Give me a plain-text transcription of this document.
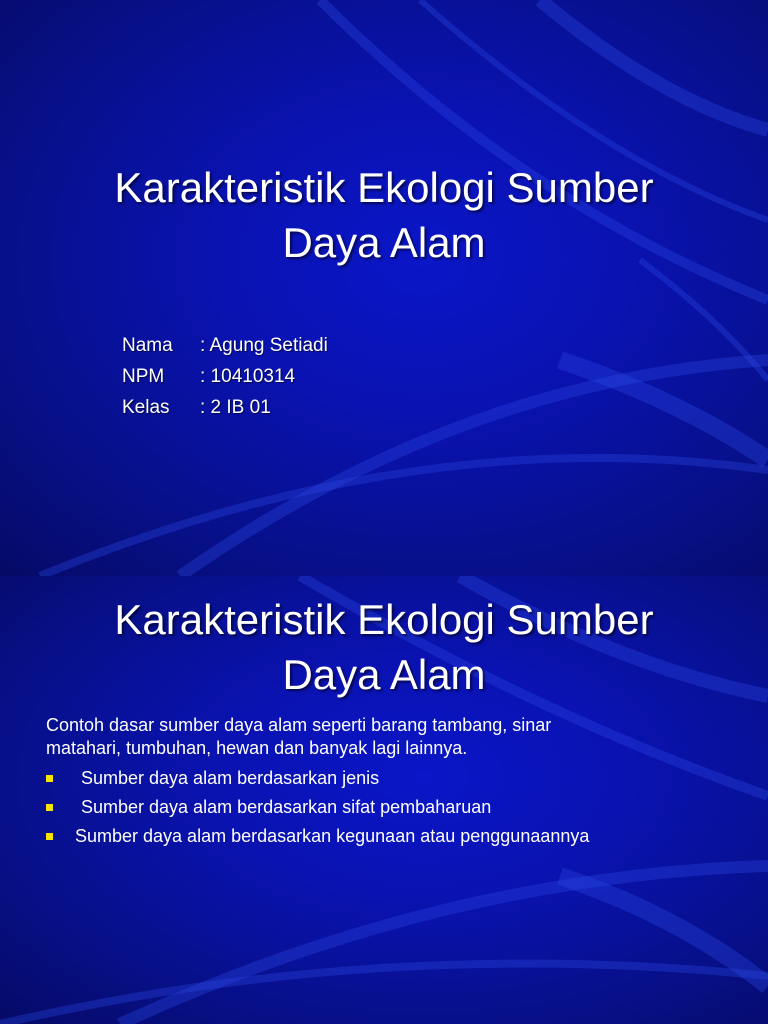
Karakteristik Ekologi Sumber
Daya Alam
Nama	: Agung Setiadi
NPM	: 10410314
Kelas	: 2 IB 01
Karakteristik Ekologi Sumber
Daya Alam
Contoh dasar sumber daya alam seperti barang tambang, sinar
matahari, tumbuhan, hewan dan banyak lagi lainnya.
Sumber daya alam berdasarkan jenis
Sumber daya alam berdasarkan sifat pembaharuan
Sumber daya alam berdasarkan kegunaan atau penggunaannya
